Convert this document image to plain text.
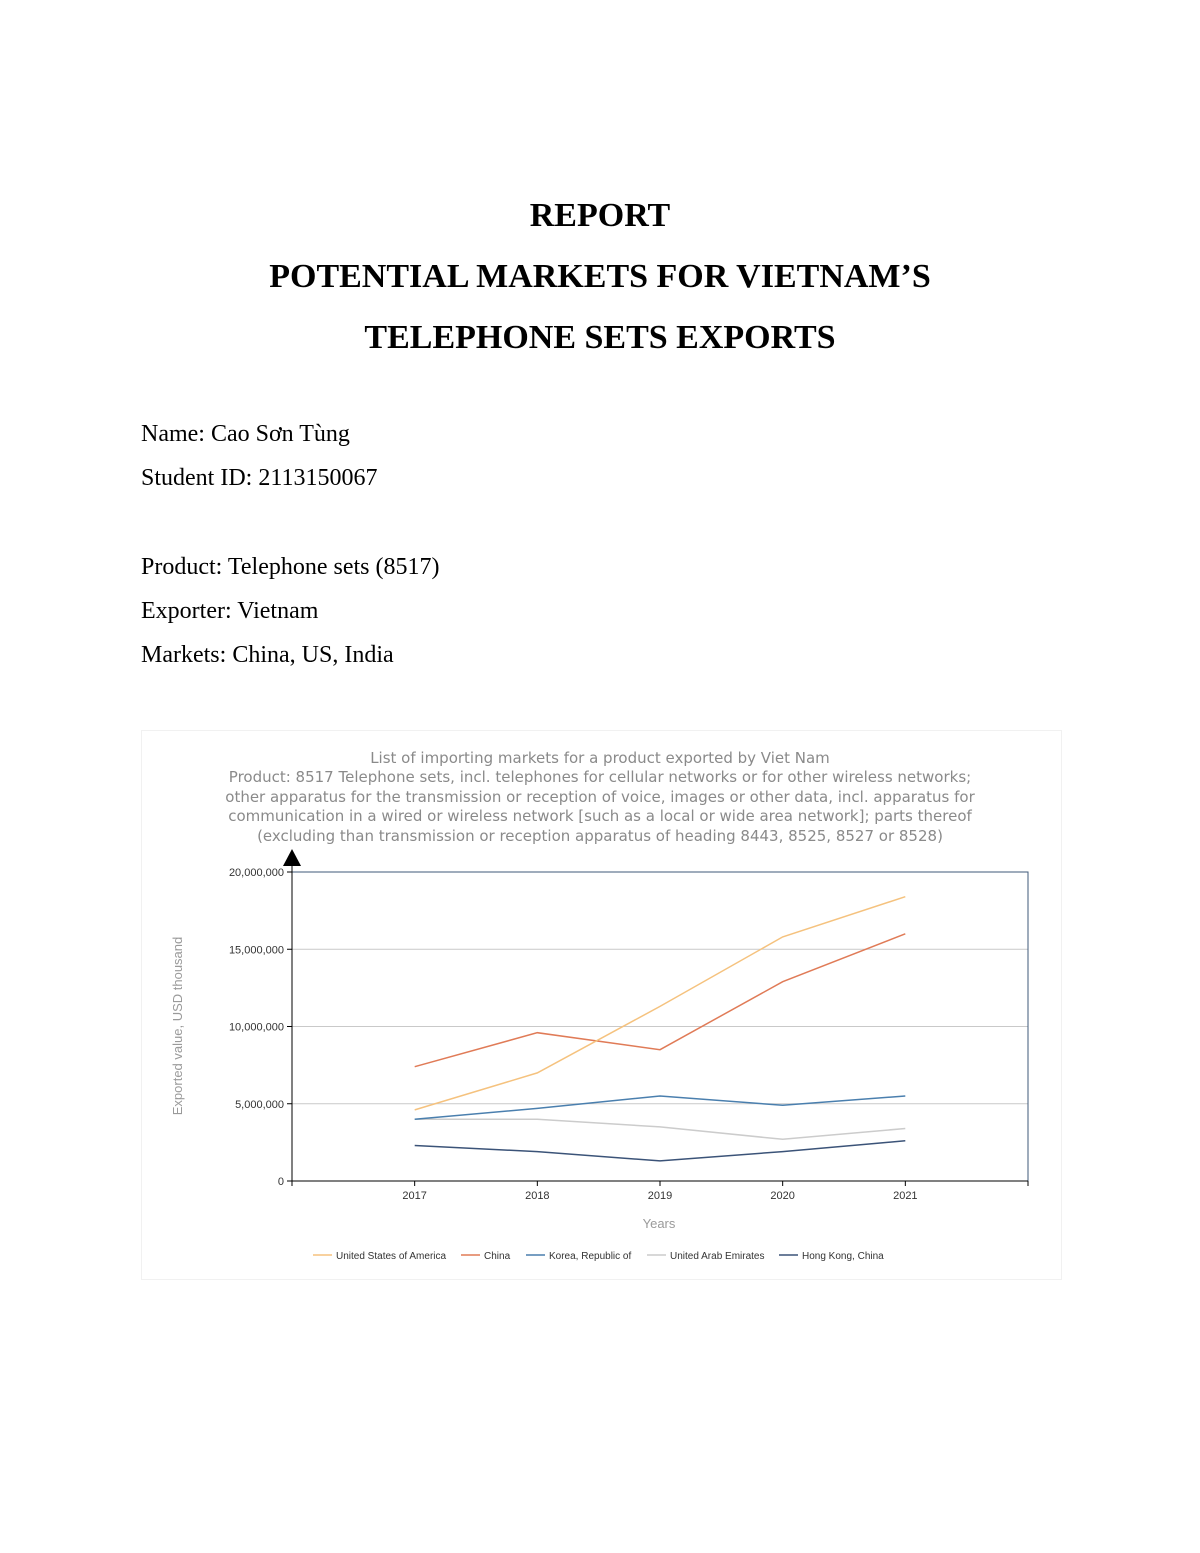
REPORT

POTENTIAL MARKETS FOR VIETNAM’S

TELEPHONE SETS EXPORTS

Name: Cao Sơn Tùng
Student ID: 2113150067
Product: Telephone sets (8517)
Exporter: Vietnam
Markets: China, US, India
List of importing markets for a product exported by Viet Nam
Product: 8517 Telephone sets, incl. telephones for cellular networks or for other wireless networks;
other apparatus for the transmission or reception of voice, images or other data, incl. apparatus for
communication in a wired or wireless network [such as a local or wide area network]; parts thereof
(excluding than transmission or reception apparatus of heading 8443, 8525, 8527 or 8528)
0
5,000,000
10,000,000
15,000,000
20,000,000
2017	2018	2019	2020	2021
Exported value, USD thousand
Years
United States of America	China	Korea, Republic of	United Arab Emirates	Hong Kong, China
